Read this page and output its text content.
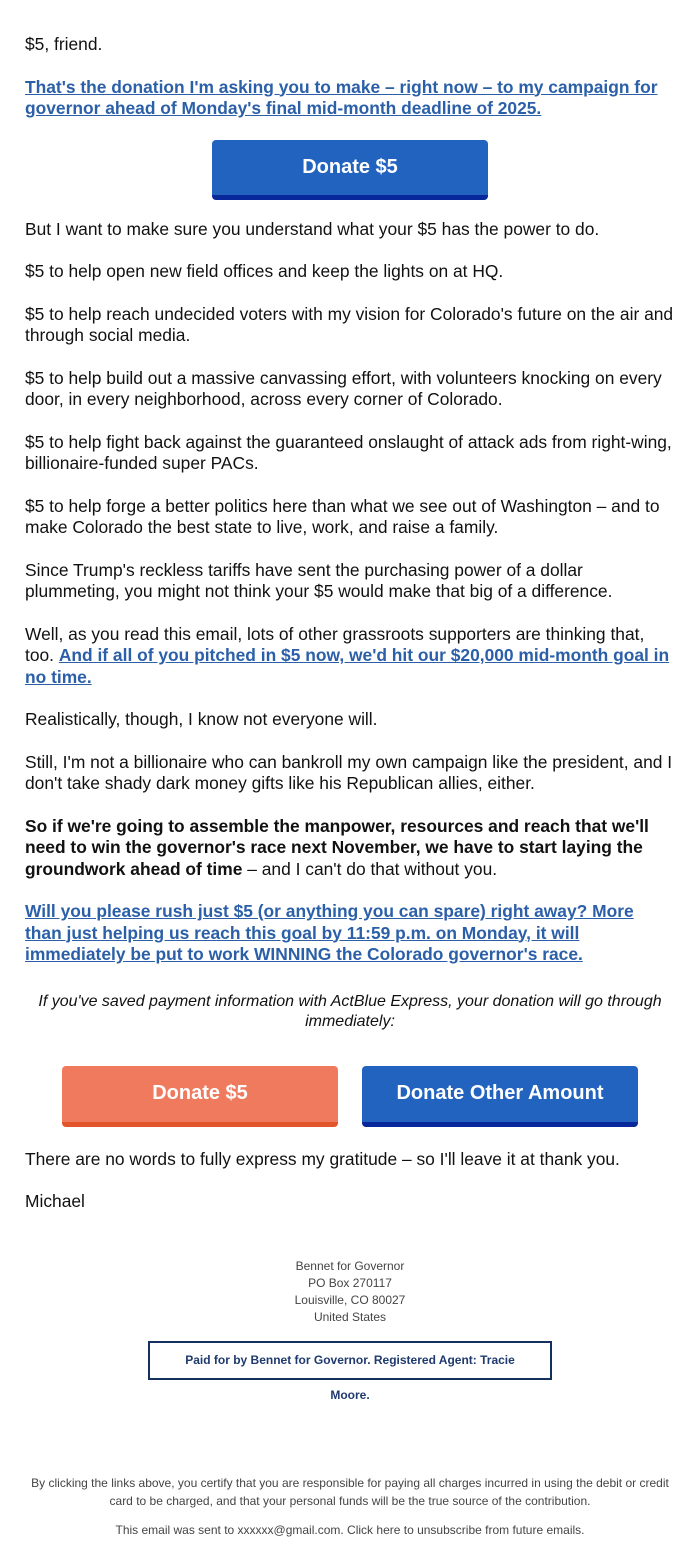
$5, friend.

That's the donation I'm asking you to make – right now – to my campaign for governor ahead of Monday's final mid-month deadline of 2025.

Donate $5

But I want to make sure you understand what your $5 has the power to do.

$5 to help open new field offices and keep the lights on at HQ.

$5 to help reach undecided voters with my vision for Colorado's future on the air and through social media.

$5 to help build out a massive canvassing effort, with volunteers knocking on every door, in every neighborhood, across every corner of Colorado.

$5 to help fight back against the guaranteed onslaught of attack ads from right-wing, billionaire-funded super PACs.

$5 to help forge a better politics here than what we see out of Washington – and to make Colorado the best state to live, work, and raise a family.

Since Trump's reckless tariffs have sent the purchasing power of a dollar plummeting, you might not think your $5 would make that big of a difference.

Well, as you read this email, lots of other grassroots supporters are thinking that, too. And if all of you pitched in $5 now, we'd hit our $20,000 mid-month goal in no time.

Realistically, though, I know not everyone will.

Still, I'm not a billionaire who can bankroll my own campaign like the president, and I don't take shady dark money gifts like his Republican allies, either.

So if we're going to assemble the manpower, resources and reach that we'll need to win the governor's race next November, we have to start laying the groundwork ahead of time – and I can't do that without you.

Will you please rush just $5 (or anything you can spare) right away? More than just helping us reach this goal by 11:59 p.m. on Monday, it will immediately be put to work WINNING the Colorado governor's race.

If you've saved payment information with ActBlue Express, your donation will go through immediately:

Donate $5	Donate Other Amount

There are no words to fully express my gratitude – so I'll leave it at thank you.

Michael

Bennet for Governor
PO Box 270117
Louisville, CO 80027
United States
Paid for by Bennet for Governor. Registered Agent: Tracie Moore.

By clicking the links above, you certify that you are responsible for paying all charges incurred in using the debit or credit card to be charged, and that your personal funds will be the true source of the contribution.

This email was sent to xxxxxx@gmail.com. Click here to unsubscribe from future emails.
